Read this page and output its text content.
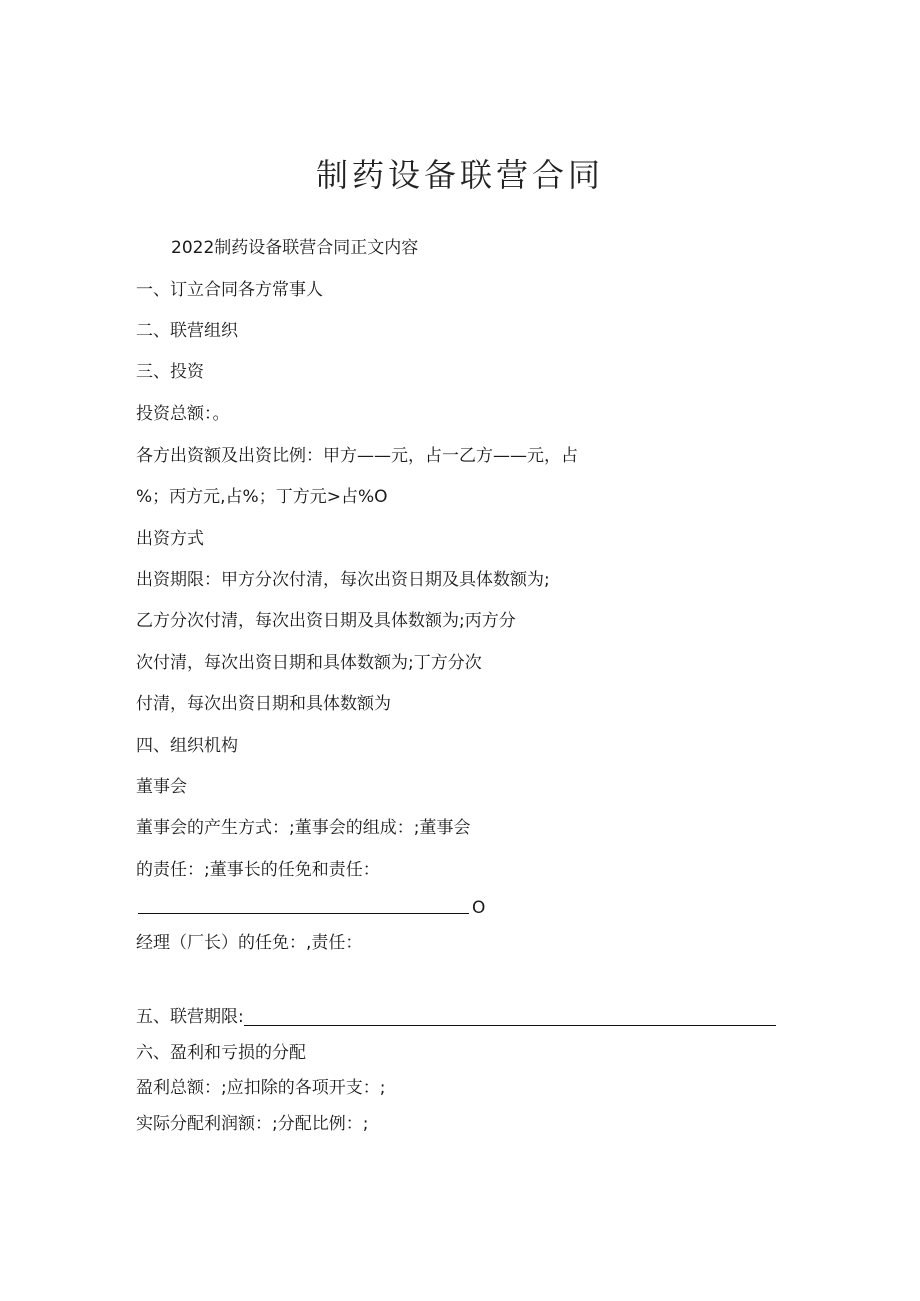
制药设备联营合同

2022制药设备联营合同正文内容

一、订立合同各方常事人

二、联营组织

三、投资

投资总额：。

各方出资额及出资比例：甲方——元，占一乙方——元，占

%；丙方元,占%；丁方元>占%O

出资方式

出资期限：甲方分次付清，每次出资日期及具体数额为;

乙方分次付清，每次出资日期及具体数额为;丙方分

次付清，每次出资日期和具体数额为;丁方分次

付清，每次出资日期和具体数额为

四、组织机构

董事会

董事会的产生方式：;董事会的组成：;董事会

的责任：;董事长的任免和责任：

O

经理（厂长）的任免：,责任：

五、联营期限:

六、盈利和亏损的分配

盈利总额：;应扣除的各项开支：;

实际分配利润额：;分配比例：;
